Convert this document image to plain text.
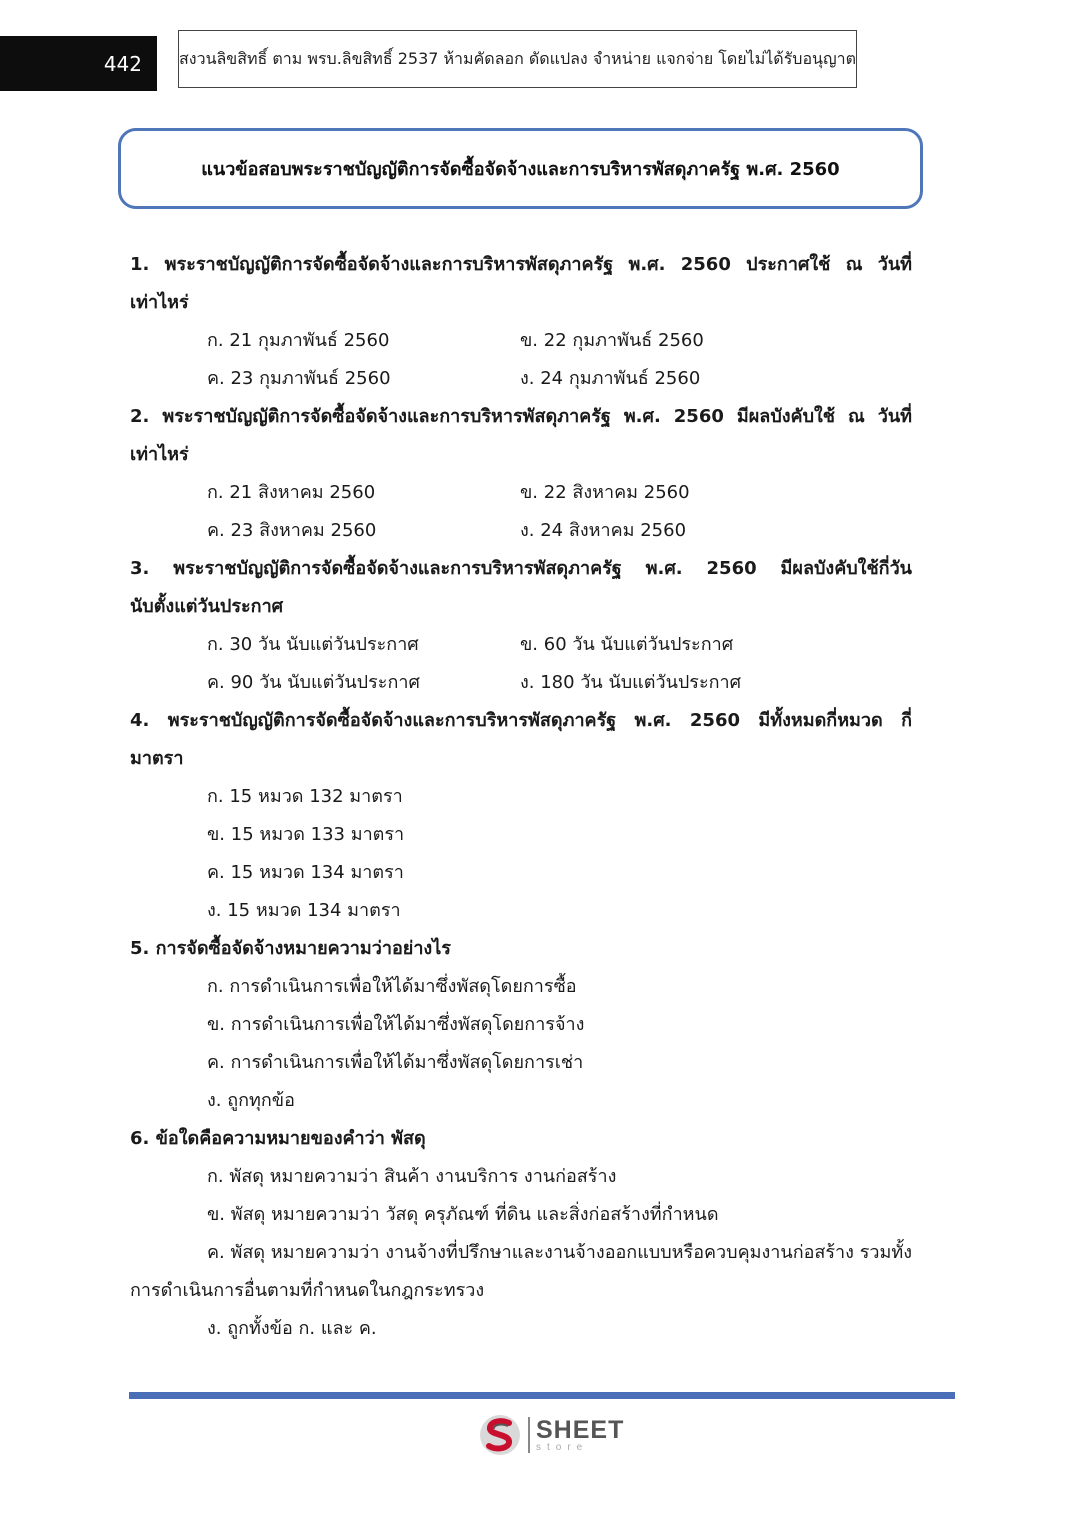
442	สงวนลิขสิทธิ์ ตาม พรบ.ลิขสิทธิ์ 2537 ห้ามคัดลอก ดัดแปลง จำหน่าย แจกจ่าย โดยไม่ได้รับอนุญาต
แนวข้อสอบพระราชบัญญัติการจัดซื้อจัดจ้างและการบริหารพัสดุภาครัฐ พ.ศ. 2560
1. พระราชบัญญัติการจัดซื้อจัดจ้างและการบริหารพัสดุภาครัฐ พ.ศ. 2560 ประกาศใช้ ณ วันที่
เท่าไหร่
ก. 21 กุมภาพันธ์ 2560	ข. 22 กุมภาพันธ์ 2560
ค. 23 กุมภาพันธ์ 2560	ง. 24 กุมภาพันธ์ 2560
2. พระราชบัญญัติการจัดซื้อจัดจ้างและการบริหารพัสดุภาครัฐ พ.ศ. 2560 มีผลบังคับใช้ ณ วันที่
เท่าไหร่
ก. 21 สิงหาคม 2560	ข. 22 สิงหาคม 2560
ค. 23 สิงหาคม 2560	ง. 24 สิงหาคม 2560
3. พระราชบัญญัติการจัดซื้อจัดจ้างและการบริหารพัสดุภาครัฐ พ.ศ. 2560 มีผลบังคับใช้กี่วัน
นับตั้งแต่วันประกาศ
ก. 30 วัน นับแต่วันประกาศ	ข. 60 วัน นับแต่วันประกาศ
ค. 90 วัน นับแต่วันประกาศ	ง. 180 วัน นับแต่วันประกาศ
4. พระราชบัญญัติการจัดซื้อจัดจ้างและการบริหารพัสดุภาครัฐ พ.ศ. 2560 มีทั้งหมดกี่หมวด กี่
มาตรา
ก. 15 หมวด 132 มาตรา
ข. 15 หมวด 133 มาตรา
ค. 15 หมวด 134 มาตรา
ง. 15 หมวด 134 มาตรา
5. การจัดซื้อจัดจ้างหมายความว่าอย่างไร
ก. การดำเนินการเพื่อให้ได้มาซึ่งพัสดุโดยการซื้อ
ข. การดำเนินการเพื่อให้ได้มาซึ่งพัสดุโดยการจ้าง
ค. การดำเนินการเพื่อให้ได้มาซึ่งพัสดุโดยการเช่า
ง. ถูกทุกข้อ
6. ข้อใดคือความหมายของคำว่า พัสดุ
ก. พัสดุ หมายความว่า สินค้า งานบริการ งานก่อสร้าง
ข. พัสดุ หมายความว่า วัสดุ ครุภัณฑ์ ที่ดิน และสิ่งก่อสร้างที่กำหนด
ค. พัสดุ หมายความว่า งานจ้างที่ปรึกษาและงานจ้างออกแบบหรือควบคุมงานก่อสร้าง รวมทั้ง
การดำเนินการอื่นตามที่กำหนดในกฎกระทรวง
ง. ถูกทั้งข้อ ก. และ ค.
SHEET
store
